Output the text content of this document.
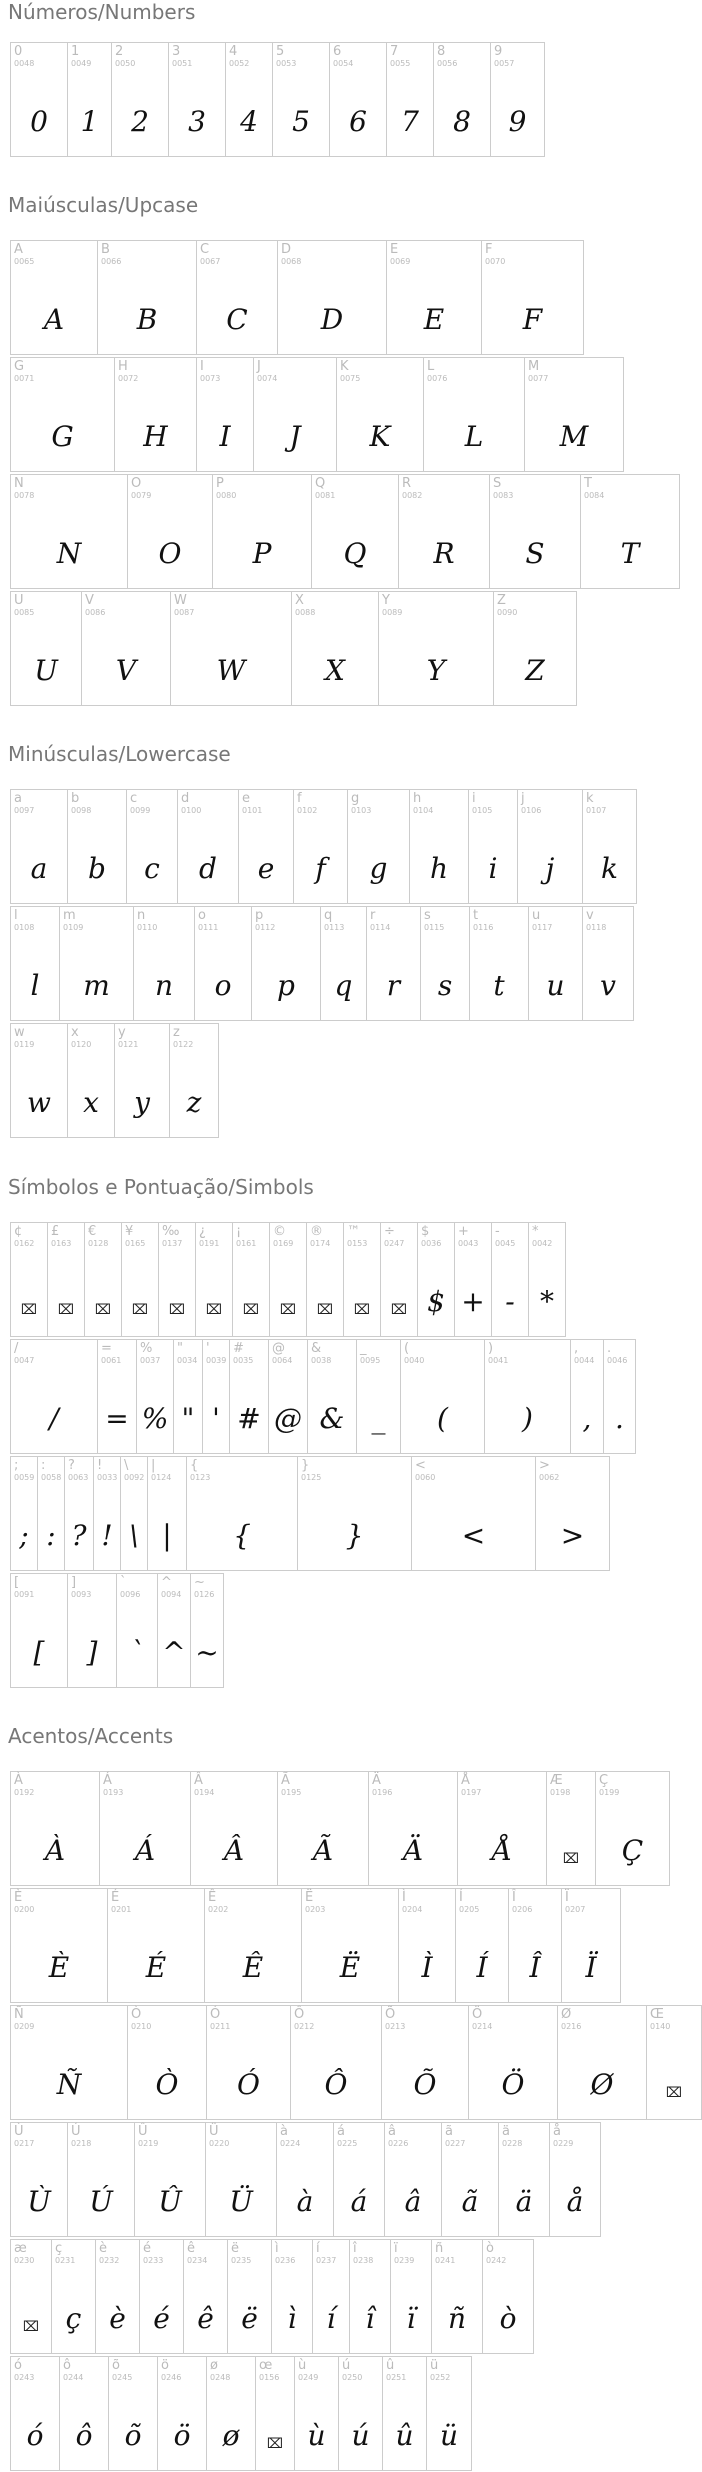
Números/Numbers
Maiúsculas/Upcase
Minúsculas/Lowercase
Símbolos e Pontuação/Simbols
Acentos/Accents
0
0048
0
1
0049
1
2
0050
2
3
0051
3
4
0052
4
5
0053
5
6
0054
6
7
0055
7
8
0056
8
9
0057
9
A
0065
A
B
0066
B
C
0067
C
D
0068
D
E
0069
E
F
0070
F
G
0071
G
H
0072
H
I
0073
I
J
0074
J
K
0075
K
L
0076
L
M
0077
M
N
0078
N
O
0079
O
P
0080
P
Q
0081
Q
R
0082
R
S
0083
S
T
0084
T
U
0085
U
V
0086
V
W
0087
W
X
0088
X
Y
0089
Y
Z
0090
Z
a
0097
a
b
0098
b
c
0099
c
d
0100
d
e
0101
e
f
0102
f
g
0103
g
h
0104
h
i
0105
i
j
0106
j
k
0107
k
l
0108
l
m
0109
m
n
0110
n
o
0111
o
p
0112
p
q
0113
q
r
0114
r
s
0115
s
t
0116
t
u
0117
u
v
0118
v
w
0119
w
x
0120
x
y
0121
y
z
0122
z
¢
0162
⌧
£
0163
⌧
€
0128
⌧
¥
0165
⌧
‰
0137
⌧
¿
0191
⌧
¡
0161
⌧
©
0169
⌧
®
0174
⌧
™
0153
⌧
÷
0247
⌧
$
0036
$
+
0043
+
-
0045
-
*
0042
*
/
0047
/
=
0061
=
%
0037
%
"
0034
"
'
0039
'
#
0035
#
@
0064
@
&
0038
&
_
0095
_
(
0040
(
)
0041
)
,
0044
,
.
0046
.
;
0059
;
:
0058
:
?
0063
?
!
0033
!
\
0092
\
|
0124
|
{
0123
{
}
0125
}
<
0060
<
>
0062
>
[
0091
[
]
0093
]
`
0096
`
^
0094
^
~
0126
~
À
0192
À
Á
0193
Á
Â
0194
Â
Ã
0195
Ã
Ä
0196
Ä
Å
0197
Å
Æ
0198
⌧
Ç
0199
Ç
È
0200
È
É
0201
É
Ê
0202
Ê
Ë
0203
Ë
Ì
0204
Ì
Í
0205
Í
Î
0206
Î
Ï
0207
Ï
Ñ
0209
Ñ
Ò
0210
Ò
Ó
0211
Ó
Ô
0212
Ô
Õ
0213
Õ
Ö
0214
Ö
Ø
0216
Ø
Œ
0140
⌧
Ù
0217
Ù
Ú
0218
Ú
Û
0219
Û
Ü
0220
Ü
à
0224
à
á
0225
á
â
0226
â
ã
0227
ã
ä
0228
ä
å
0229
å
æ
0230
⌧
ç
0231
ç
è
0232
è
é
0233
é
ê
0234
ê
ë
0235
ë
ì
0236
ì
í
0237
í
î
0238
î
ï
0239
ï
ñ
0241
ñ
ò
0242
ò
ó
0243
ó
ô
0244
ô
õ
0245
õ
ö
0246
ö
ø
0248
ø
œ
0156
⌧
ù
0249
ù
ú
0250
ú
û
0251
û
ü
0252
ü
